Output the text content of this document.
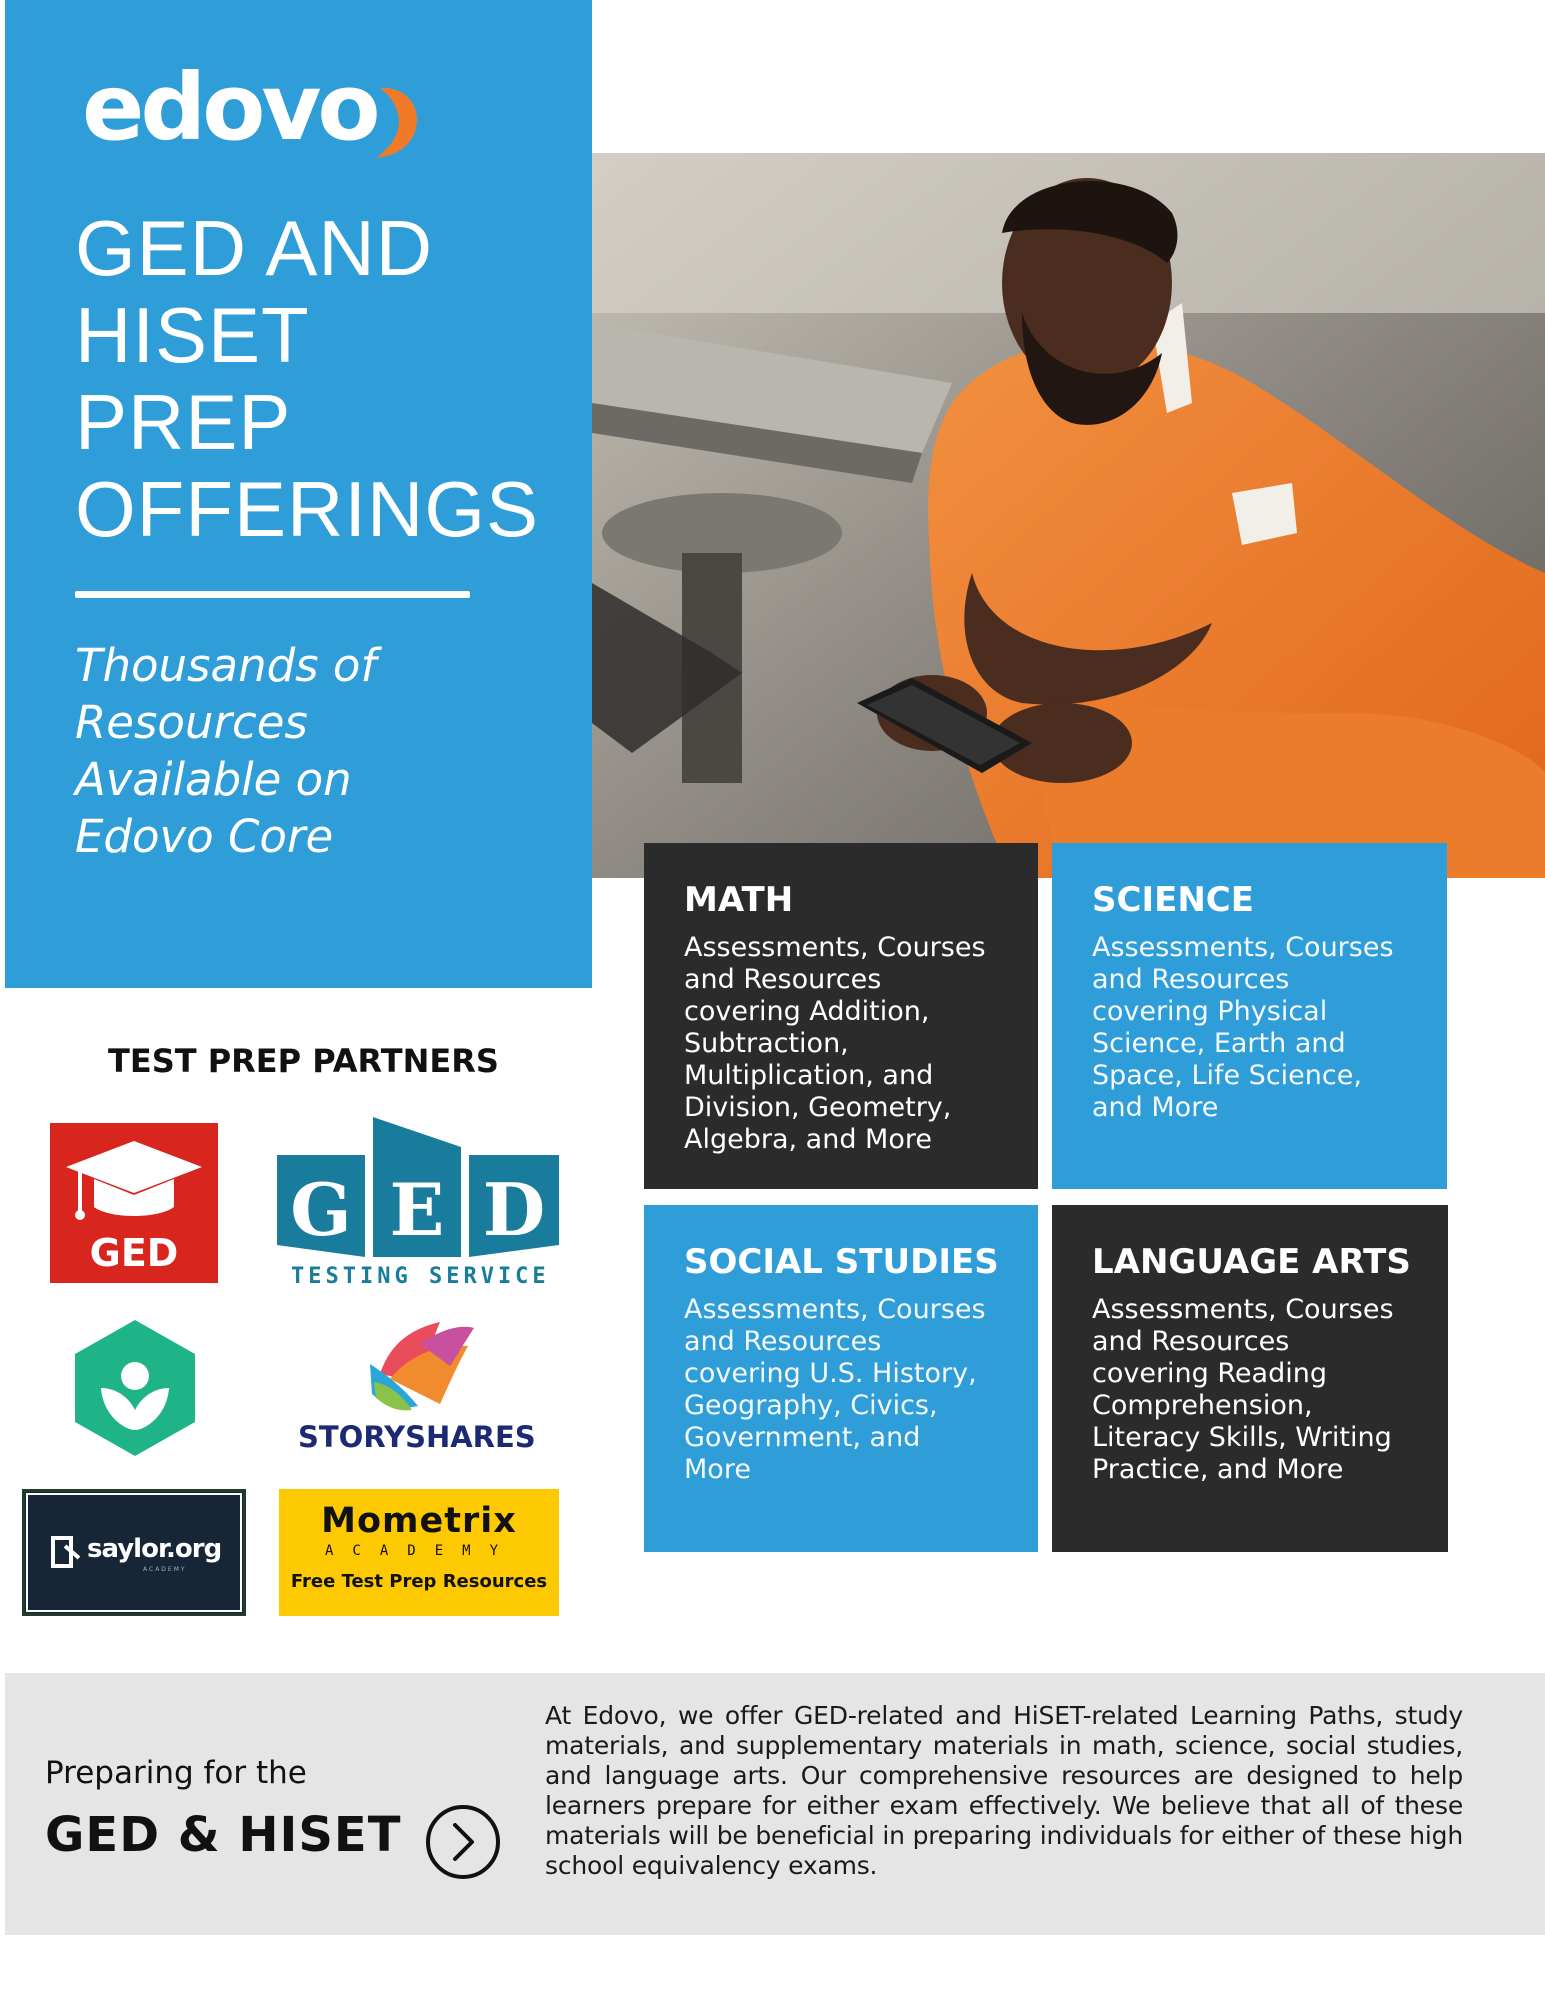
edovo
GED AND
HISET
PREP
OFFERINGS
Thousands of
Resources
Available on
Edovo Core
MATH
Assessments, Courses
and Resources
covering Addition,
Subtraction,
Multiplication, and
Division, Geometry,
Algebra, and More
SCIENCE
Assessments, Courses
and Resources
covering Physical
Science, Earth and
Space, Life Science,
and More
SOCIAL STUDIES
Assessments, Courses
and Resources
covering U.S. History,
Geography, Civics,
Government, and
More
LANGUAGE ARTS
Assessments, Courses
and Resources
covering Reading
Comprehension,
Literacy Skills, Writing
Practice, and More
TEST PREP PARTNERS
GED
G E D
TESTING SERVICE
STORYSHARES
saylor.org
ACADEMY
Mometrix
ACADEMY
Free Test Prep Resources
Preparing for the
GED & HISET
At Edovo, we offer GED-related and HiSET-related Learning Paths, study materials, and supplementary materials in math, science, social studies, and language arts. Our comprehensive resources are designed to help learners prepare for either exam effectively. We believe that all of these materials will be beneficial in preparing individuals for either of these high school equivalency exams.
